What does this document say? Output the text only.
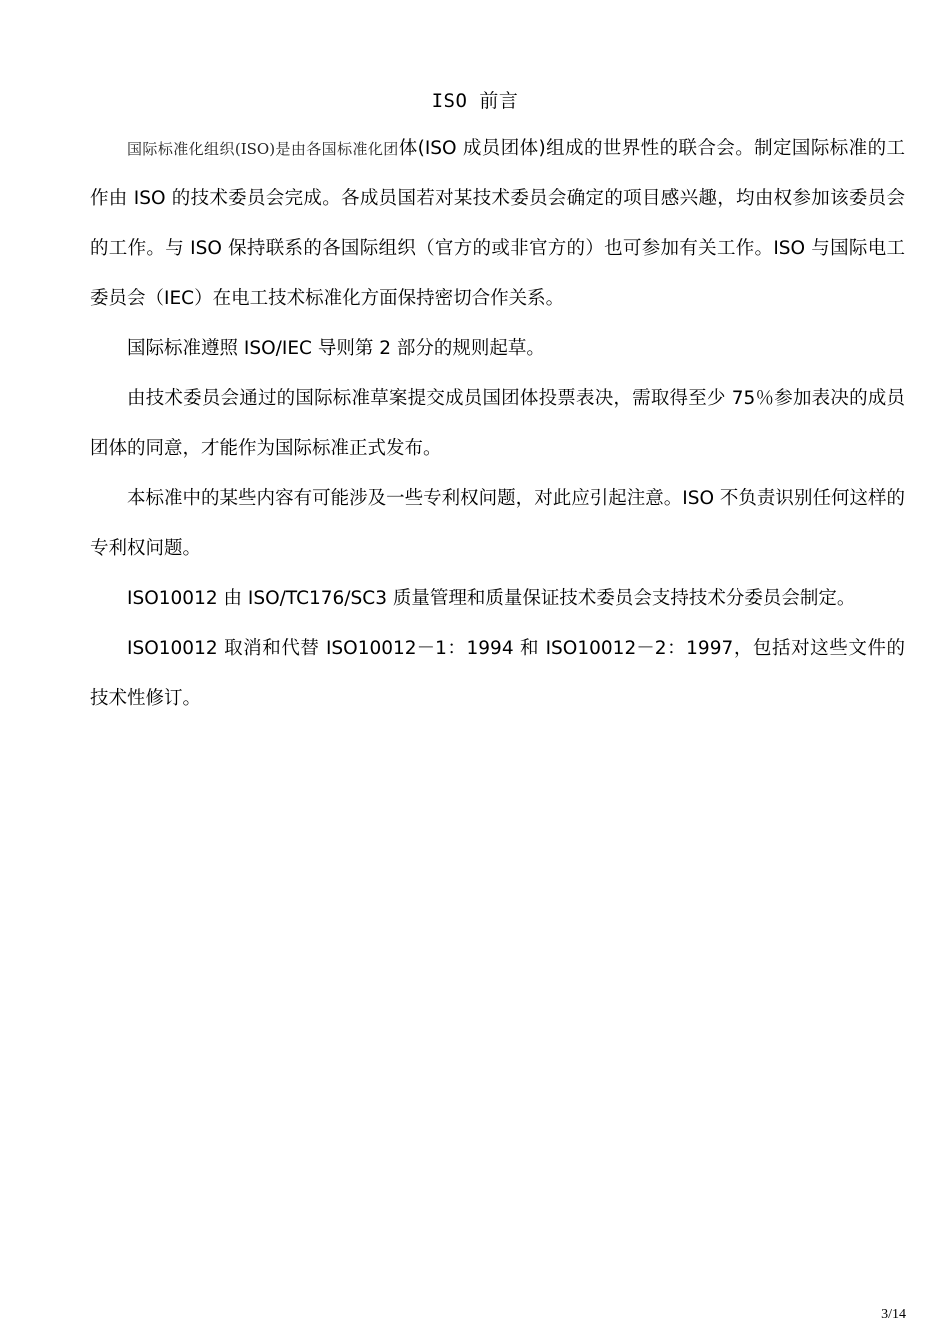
ISO 前言

国际标准化组织(ISO)是由各国标准化团体(ISO 成员团体)组成的世界性的联合会。制定国际标准的工作由 ISO 的技术委员会完成。各成员国若对某技术委员会确定的项目感兴趣，均由权参加该委员会的工作。与 ISO 保持联系的各国际组织（官方的或非官方的）也可参加有关工作。ISO 与国际电工委员会（IEC）在电工技术标准化方面保持密切合作关系。

国际标准遵照 ISO/IEC 导则第 2 部分的规则起草。

由技术委员会通过的国际标准草案提交成员国团体投票表决，需取得至少 75％参加表决的成员团体的同意，才能作为国际标准正式发布。

本标准中的某些内容有可能涉及一些专利权问题，对此应引起注意。ISO 不负责识别任何这样的专利权问题。

ISO10012 由 ISO/TC176/SC3 质量管理和质量保证技术委员会支持技术分委员会制定。

ISO10012 取消和代替 ISO10012－1：1994 和 ISO10012－2：1997，包括对这些文件的技术性修订。

3/14
